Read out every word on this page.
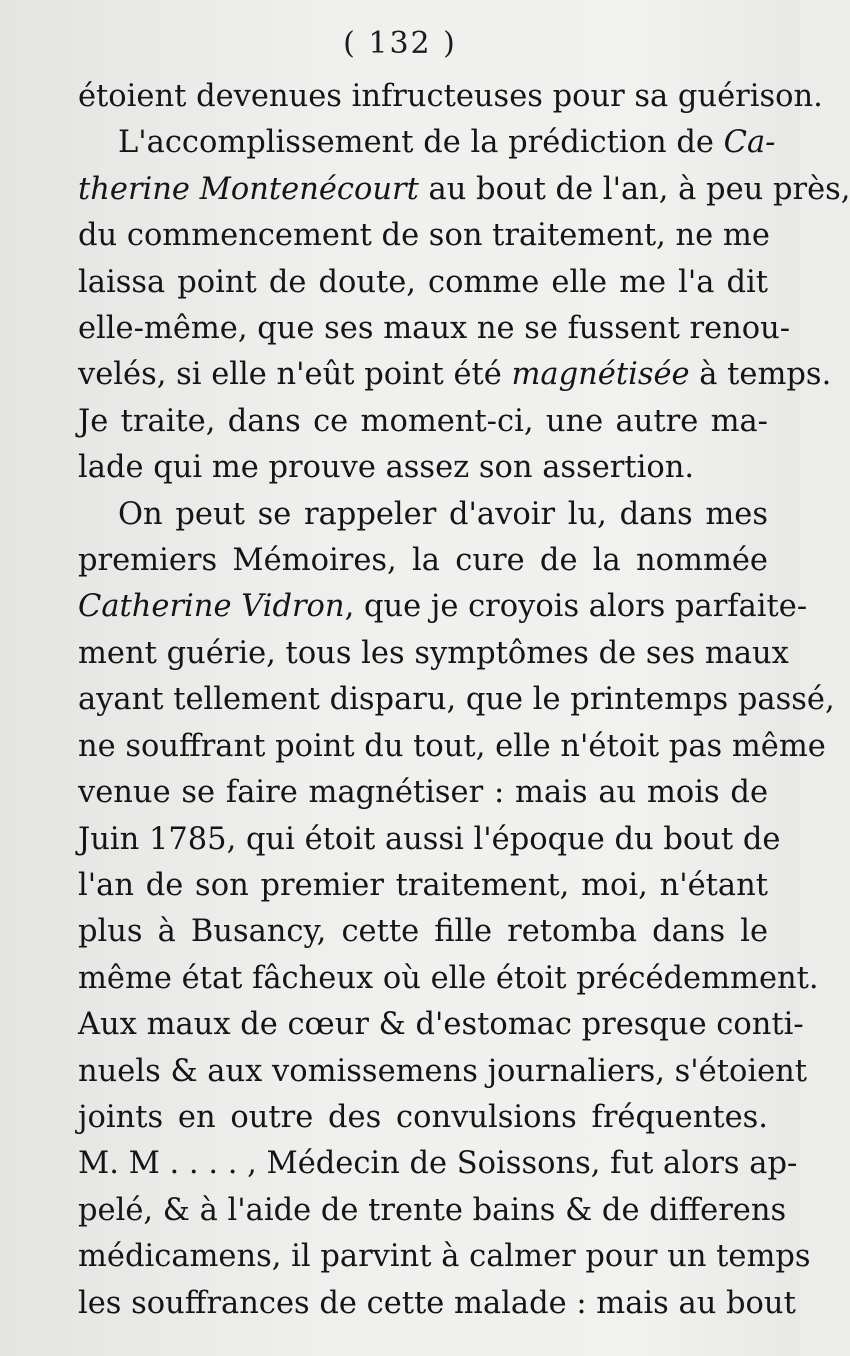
( 132 )
étoient devenues infructeuses pour sa guérison.
L'accomplissement de la prédiction de Ca-
therine Montenécourt au bout de l'an, à peu près,
du commencement de son traitement, ne me
laissa point de doute, comme elle me l'a dit
elle-même, que ses maux ne se fussent renou-
velés, si elle n'eût point été magnétisée à temps.
Je traite, dans ce moment-ci, une autre ma-
lade qui me prouve assez son assertion.
On peut se rappeler d'avoir lu, dans mes
premiers Mémoires, la cure de la nommée
Catherine Vidron, que je croyois alors parfaite-
ment guérie, tous les symptômes de ses maux
ayant tellement disparu, que le printemps passé,
ne souffrant point du tout, elle n'étoit pas même
venue se faire magnétiser : mais au mois de
Juin 1785, qui étoit aussi l'époque du bout de
l'an de son premier traitement, moi, n'étant
plus à Busancy, cette fille retomba dans le
même état fâcheux où elle étoit précédemment.
Aux maux de cœur & d'estomac presque conti-
nuels & aux vomissemens journaliers, s'étoient
joints en outre des convulsions fréquentes.
M. M . . . . , Médecin de Soissons, fut alors ap-
pelé, & à l'aide de trente bains & de differens
médicamens, il parvint à calmer pour un temps
les souffrances de cette malade : mais au bout
